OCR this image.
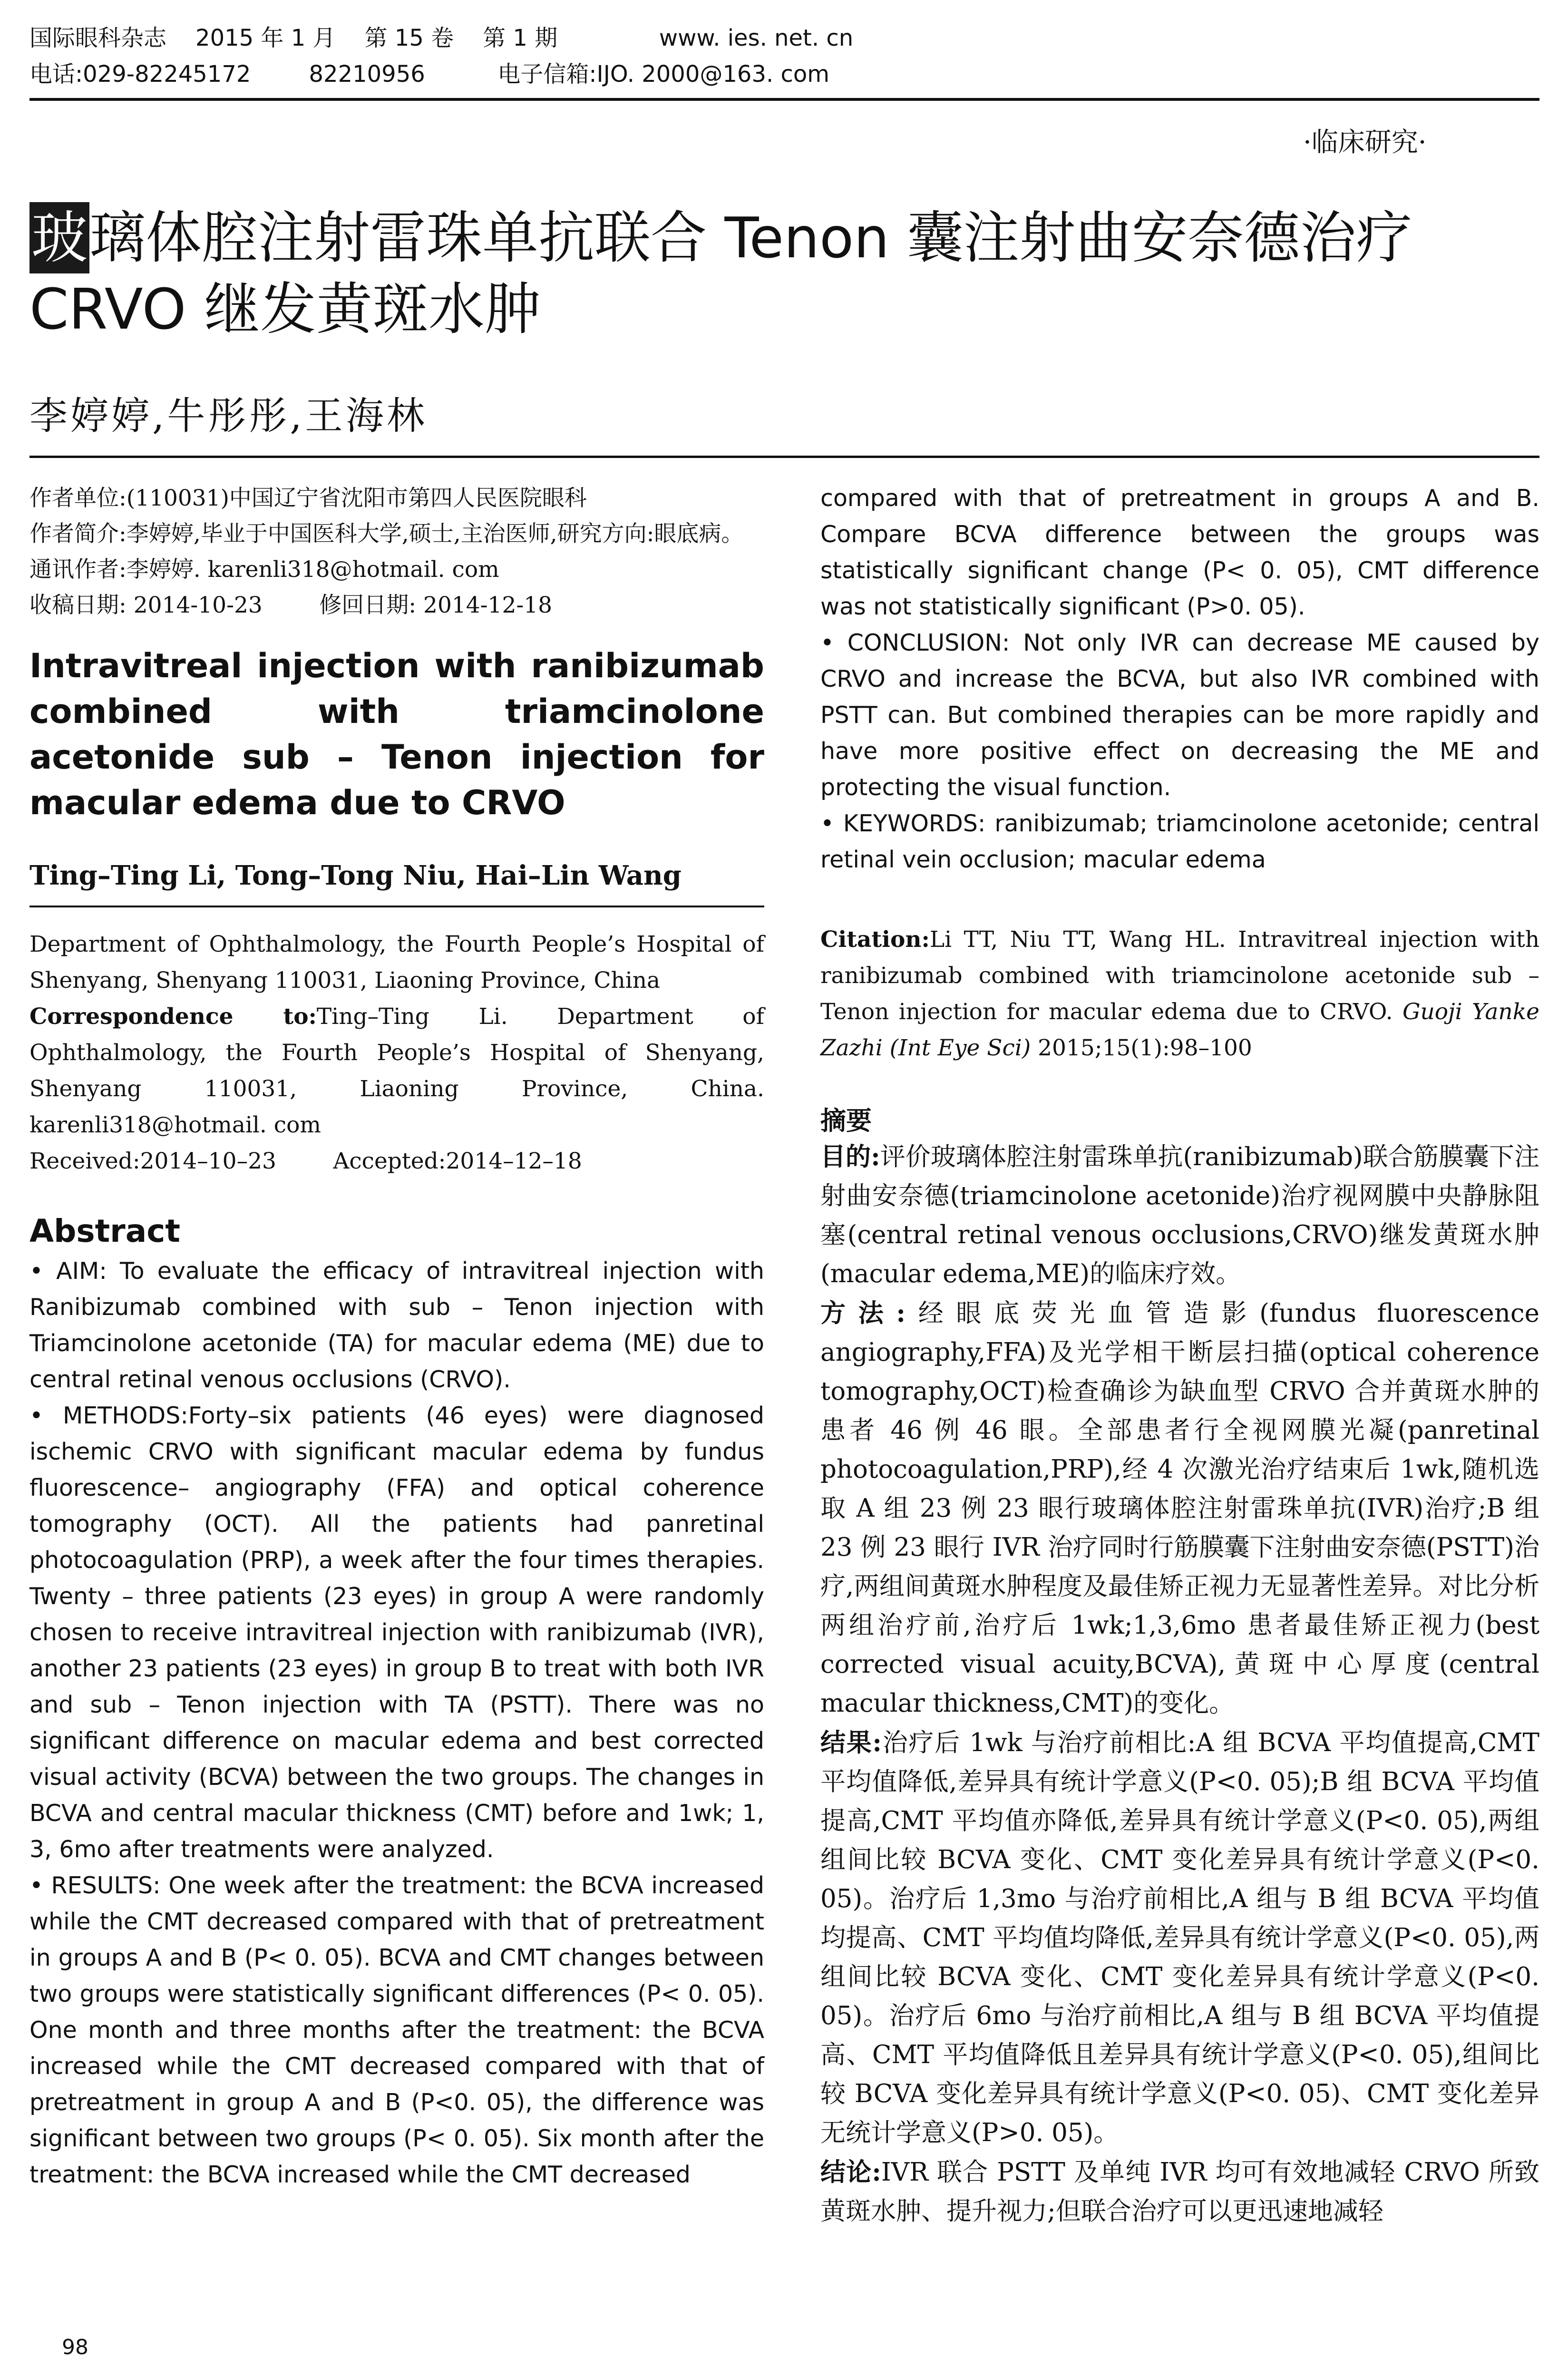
国际眼科杂志    2015 年 1 月    第 15 卷    第 1 期              www. ies. net. cn
电话:029-82245172        82210956          电子信箱:IJO. 2000@163. com
·临床研究·
玻璃体腔注射雷珠单抗联合 Tenon 囊注射曲安奈德治疗 CRVO 继发黄斑水肿
李婷婷,牛彤彤,王海林
作者单位:(110031)中国辽宁省沈阳市第四人民医院眼科
作者简介:李婷婷,毕业于中国医科大学,硕士,主治医师,研究方向:眼底病。
通讯作者:李婷婷. karenli318@hotmail. com
收稿日期: 2014-10-23        修回日期: 2014-12-18
Intravitreal injection with ranibizumab combined with triamcinolone acetonide sub – Tenon injection for macular edema due to CRVO
Ting–Ting Li, Tong–Tong Niu, Hai–Lin Wang
Department of Ophthalmology, the Fourth People’s Hospital of Shenyang, Shenyang 110031, Liaoning Province, China
Correspondence to:Ting–Ting Li. Department of Ophthalmology, the Fourth People’s Hospital of Shenyang, Shenyang 110031, Liaoning Province, China. karenli318@hotmail. com
Received:2014–10–23        Accepted:2014–12–18
Abstract

• AIM: To evaluate the efficacy of intravitreal injection with Ranibizumab combined with sub – Tenon injection with Triamcinolone acetonide (TA) for macular edema (ME) due to central retinal venous occlusions (CRVO).

• METHODS:Forty–six patients (46 eyes) were diagnosed ischemic CRVO with significant macular edema by fundus fluorescence– angiography (FFA) and optical coherence tomography (OCT). All the patients had panretinal photocoagulation (PRP), a week after the four times therapies. Twenty – three patients (23 eyes) in group A were randomly chosen to receive intravitreal injection with ranibizumab (IVR), another 23 patients (23 eyes) in group B to treat with both IVR and sub – Tenon injection with TA (PSTT). There was no significant difference on macular edema and best corrected visual activity (BCVA) between the two groups. The changes in BCVA and central macular thickness (CMT) before and 1wk; 1, 3, 6mo after treatments were analyzed.

• RESULTS: One week after the treatment: the BCVA increased while the CMT decreased compared with that of pretreatment in groups A and B (P< 0. 05). BCVA and CMT changes between two groups were statistically significant differences (P< 0. 05). One month and three months after the treatment: the BCVA increased while the CMT decreased compared with that of pretreatment in group A and B (P<0. 05), the difference was significant between two groups (P< 0. 05). Six month after the treatment: the BCVA increased while the CMT decreased

compared with that of pretreatment in groups A and B. Compare BCVA difference between the groups was statistically significant change (P< 0. 05), CMT difference was not statistically significant (P>0. 05).

• CONCLUSION: Not only IVR can decrease ME caused by CRVO and increase the BCVA, but also IVR combined with PSTT can. But combined therapies can be more rapidly and have more positive effect on decreasing the ME and protecting the visual function.

• KEYWORDS: ranibizumab; triamcinolone acetonide; central retinal vein occlusion; macular edema

Citation:Li TT, Niu TT, Wang HL. Intravitreal injection with ranibizumab combined with triamcinolone acetonide sub – Tenon injection for macular edema due to CRVO. Guoji Yanke Zazhi (Int Eye Sci) 2015;15(1):98–100
摘要

目的:评价玻璃体腔注射雷珠单抗(ranibizumab)联合筋膜囊下注射曲安奈德(triamcinolone acetonide)治疗视网膜中央静脉阻塞(central retinal venous occlusions,CRVO)继发黄斑水肿(macular edema,ME)的临床疗效。

方法:经眼底荧光血管造影(fundus fluorescence angiography,FFA)及光学相干断层扫描(optical coherence tomography,OCT)检查确诊为缺血型 CRVO 合并黄斑水肿的患者 46 例 46 眼。全部患者行全视网膜光凝(panretinal photocoagulation,PRP),经 4 次激光治疗结束后 1wk,随机选取 A 组 23 例 23 眼行玻璃体腔注射雷珠单抗(IVR)治疗;B 组 23 例 23 眼行 IVR 治疗同时行筋膜囊下注射曲安奈德(PSTT)治疗,两组间黄斑水肿程度及最佳矫正视力无显著性差异。对比分析两组治疗前,治疗后 1wk;1,3,6mo 患者最佳矫正视力(best corrected visual acuity,BCVA),黄斑中心厚度(central macular thickness,CMT)的变化。

结果:治疗后 1wk 与治疗前相比:A 组 BCVA 平均值提高,CMT 平均值降低,差异具有统计学意义(P<0. 05);B 组 BCVA 平均值提高,CMT 平均值亦降低,差异具有统计学意义(P<0. 05),两组组间比较 BCVA 变化、CMT 变化差异具有统计学意义(P<0. 05)。治疗后 1,3mo 与治疗前相比,A 组与 B 组 BCVA 平均值均提高、CMT 平均值均降低,差异具有统计学意义(P<0. 05),两组间比较 BCVA 变化、CMT 变化差异具有统计学意义(P<0. 05)。治疗后 6mo 与治疗前相比,A 组与 B 组 BCVA 平均值提高、CMT 平均值降低且差异具有统计学意义(P<0. 05),组间比较 BCVA 变化差异具有统计学意义(P<0. 05)、CMT 变化差异无统计学意义(P>0. 05)。

结论:IVR 联合 PSTT 及单纯 IVR 均可有效地减轻 CRVO 所致黄斑水肿、提升视力;但联合治疗可以更迅速地减轻

98
